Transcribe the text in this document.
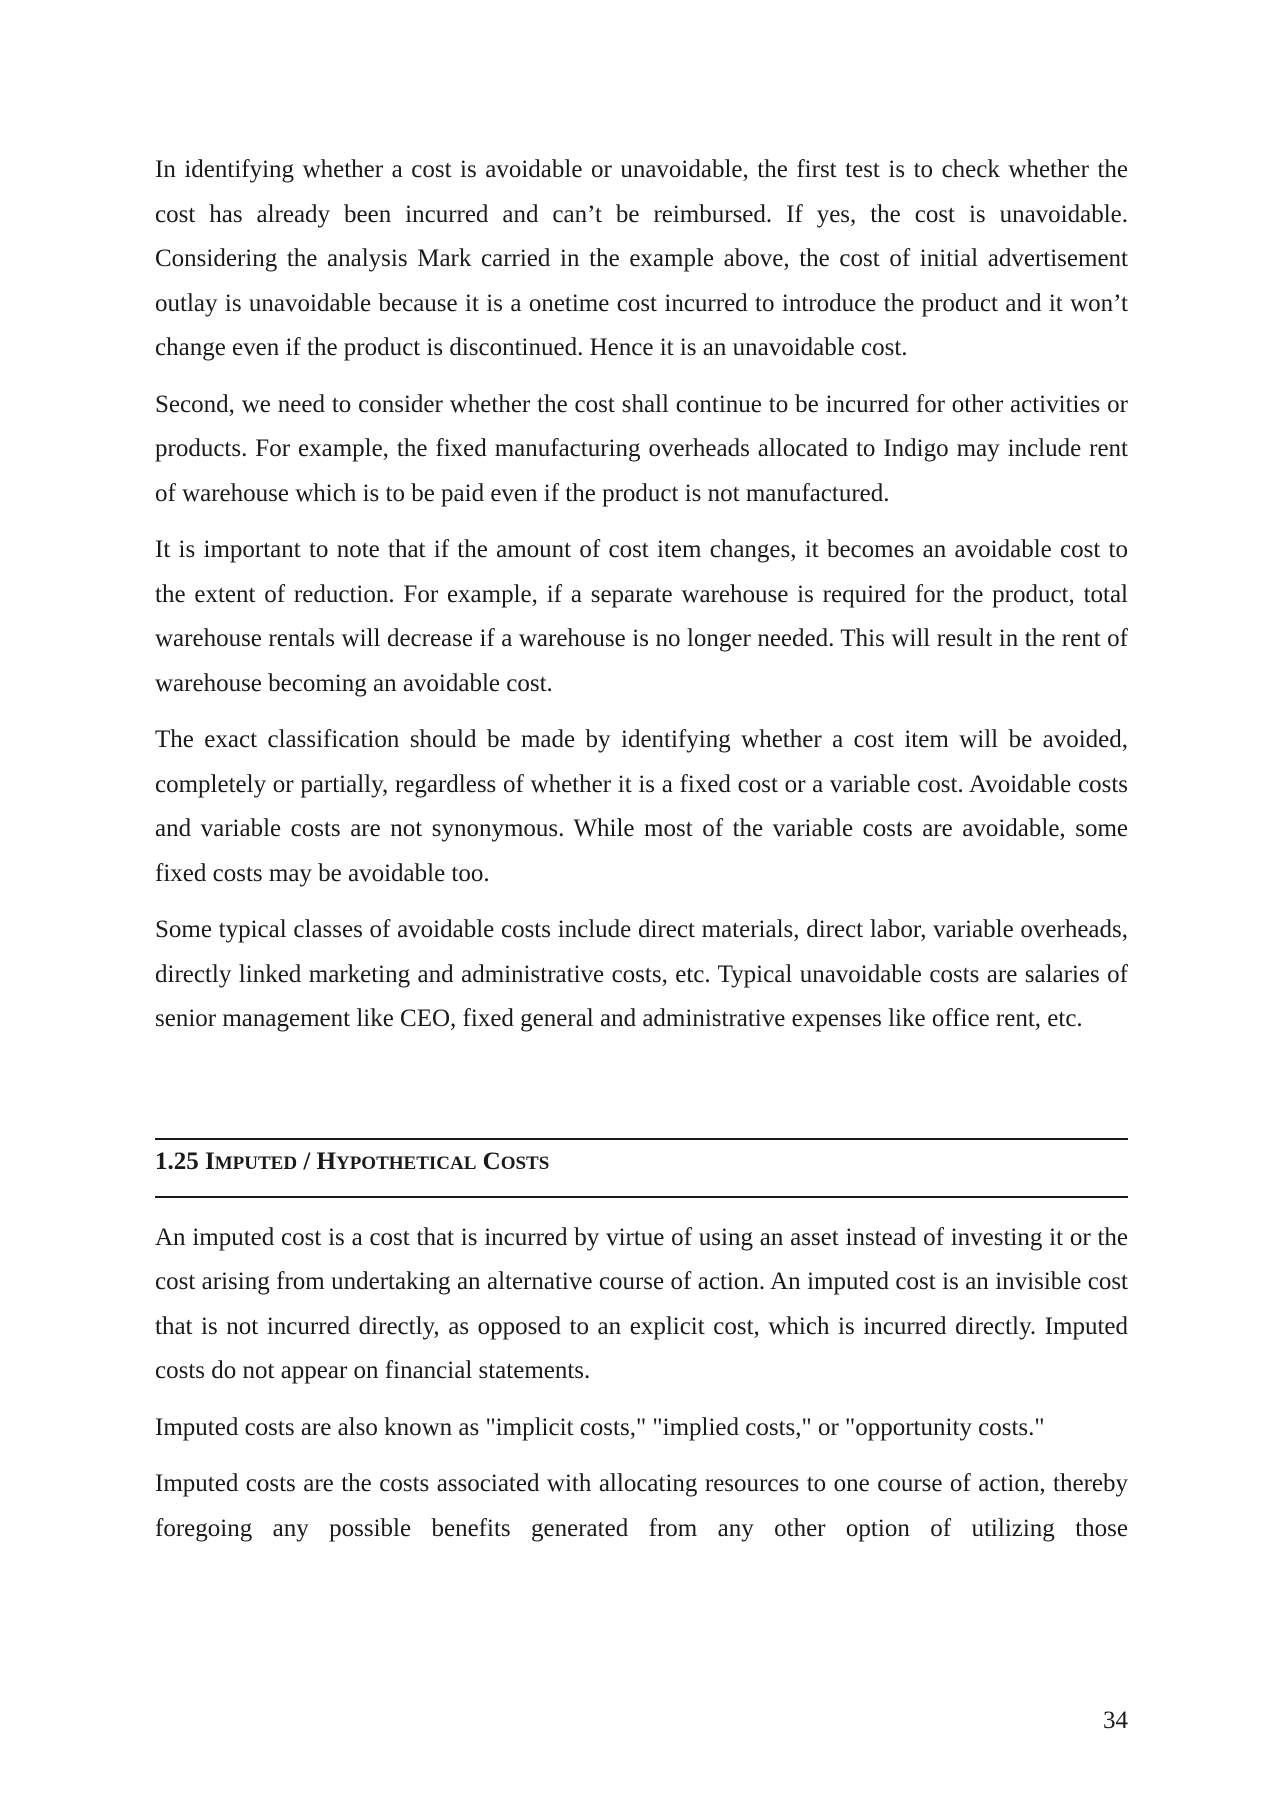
In identifying whether a cost is avoidable or unavoidable, the first test is to check whether the cost has already been incurred and can’t be reimbursed. If yes, the cost is unavoidable. Considering the analysis Mark carried in the example above, the cost of initial advertisement outlay is unavoidable because it is a onetime cost incurred to introduce the product and it won’t change even if the product is discontinued. Hence it is an unavoidable cost.

Second, we need to consider whether the cost shall continue to be incurred for other activities or products. For example, the fixed manufacturing overheads allocated to Indigo may include rent of warehouse which is to be paid even if the product is not manufactured.

It is important to note that if the amount of cost item changes, it becomes an avoidable cost to the extent of reduction. For example, if a separate warehouse is required for the product, total warehouse rentals will decrease if a warehouse is no longer needed. This will result in the rent of warehouse becoming an avoidable cost.

The exact classification should be made by identifying whether a cost item will be avoided, completely or partially, regardless of whether it is a fixed cost or a variable cost. Avoidable costs and variable costs are not synonymous. While most of the variable costs are avoidable, some fixed costs may be avoidable too.

Some typical classes of avoidable costs include direct materials, direct labor, variable overheads, directly linked marketing and administrative costs, etc. Typical unavoidable costs are salaries of senior management like CEO, fixed general and administrative expenses like office rent, etc.

1.25 IMPUTED / HYPOTHETICAL COSTS

An imputed cost is a cost that is incurred by virtue of using an asset instead of investing it or the cost arising from undertaking an alternative course of action. An imputed cost is an invisible cost that is not incurred directly, as opposed to an explicit cost, which is incurred directly. Imputed costs do not appear on financial statements.

Imputed costs are also known as "implicit costs," "implied costs," or "opportunity costs."

Imputed costs are the costs associated with allocating resources to one course of action, thereby foregoing any possible benefits generated from any other option of utilizing those

34
